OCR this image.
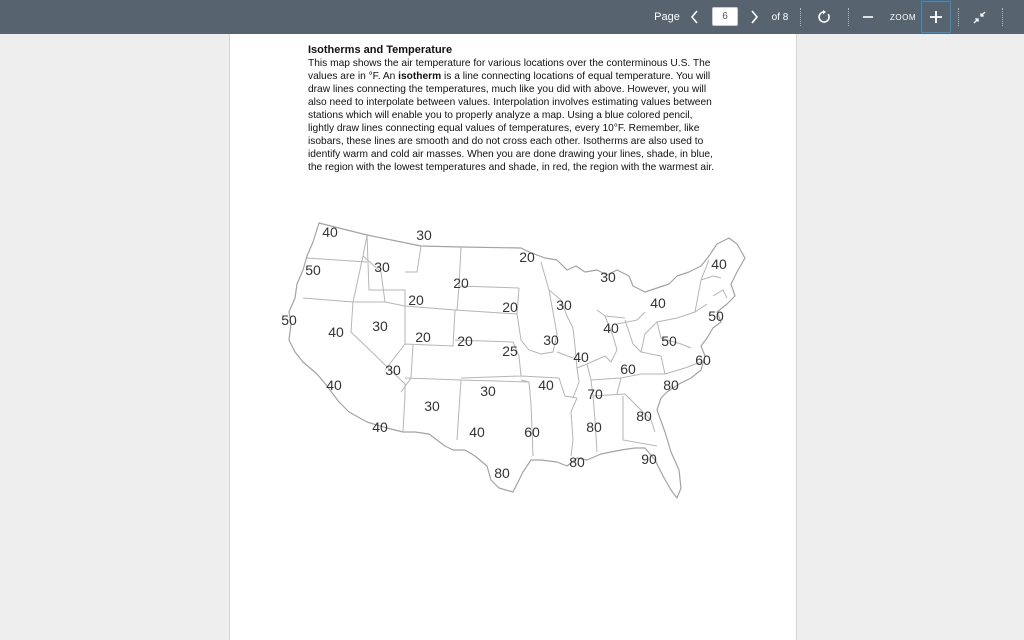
Page	6	of 8	ZOOM
Isotherms and Temperature
This map shows the air temperature for various locations over the conterminous U.S. The values are in °F. An isotherm is a line connecting locations of equal temperature. You will draw lines connecting the temperatures, much like you did with above. However, you will also need to interpolate between values. Interpolation involves estimating values between stations which will enable you to properly analyze a map. Using a blue colored pencil, lightly draw lines connecting equal values of temperatures, every 10°F. Remember, like isobars, these lines are smooth and do not cross each other. Isotherms are also used to identify warm and cold air masses. When you are done drawing your lines, shade, in blue, the region with the lowest temperatures and shade, in red, the region with the warmest air.
40	30
20
30
40
50	30
20
20	30	40
50	50
40 30
20 20
25
30
40
60
50
60
30
40
30	40
70
80
40
30
40	60
80
80
90
80
20
40
80
